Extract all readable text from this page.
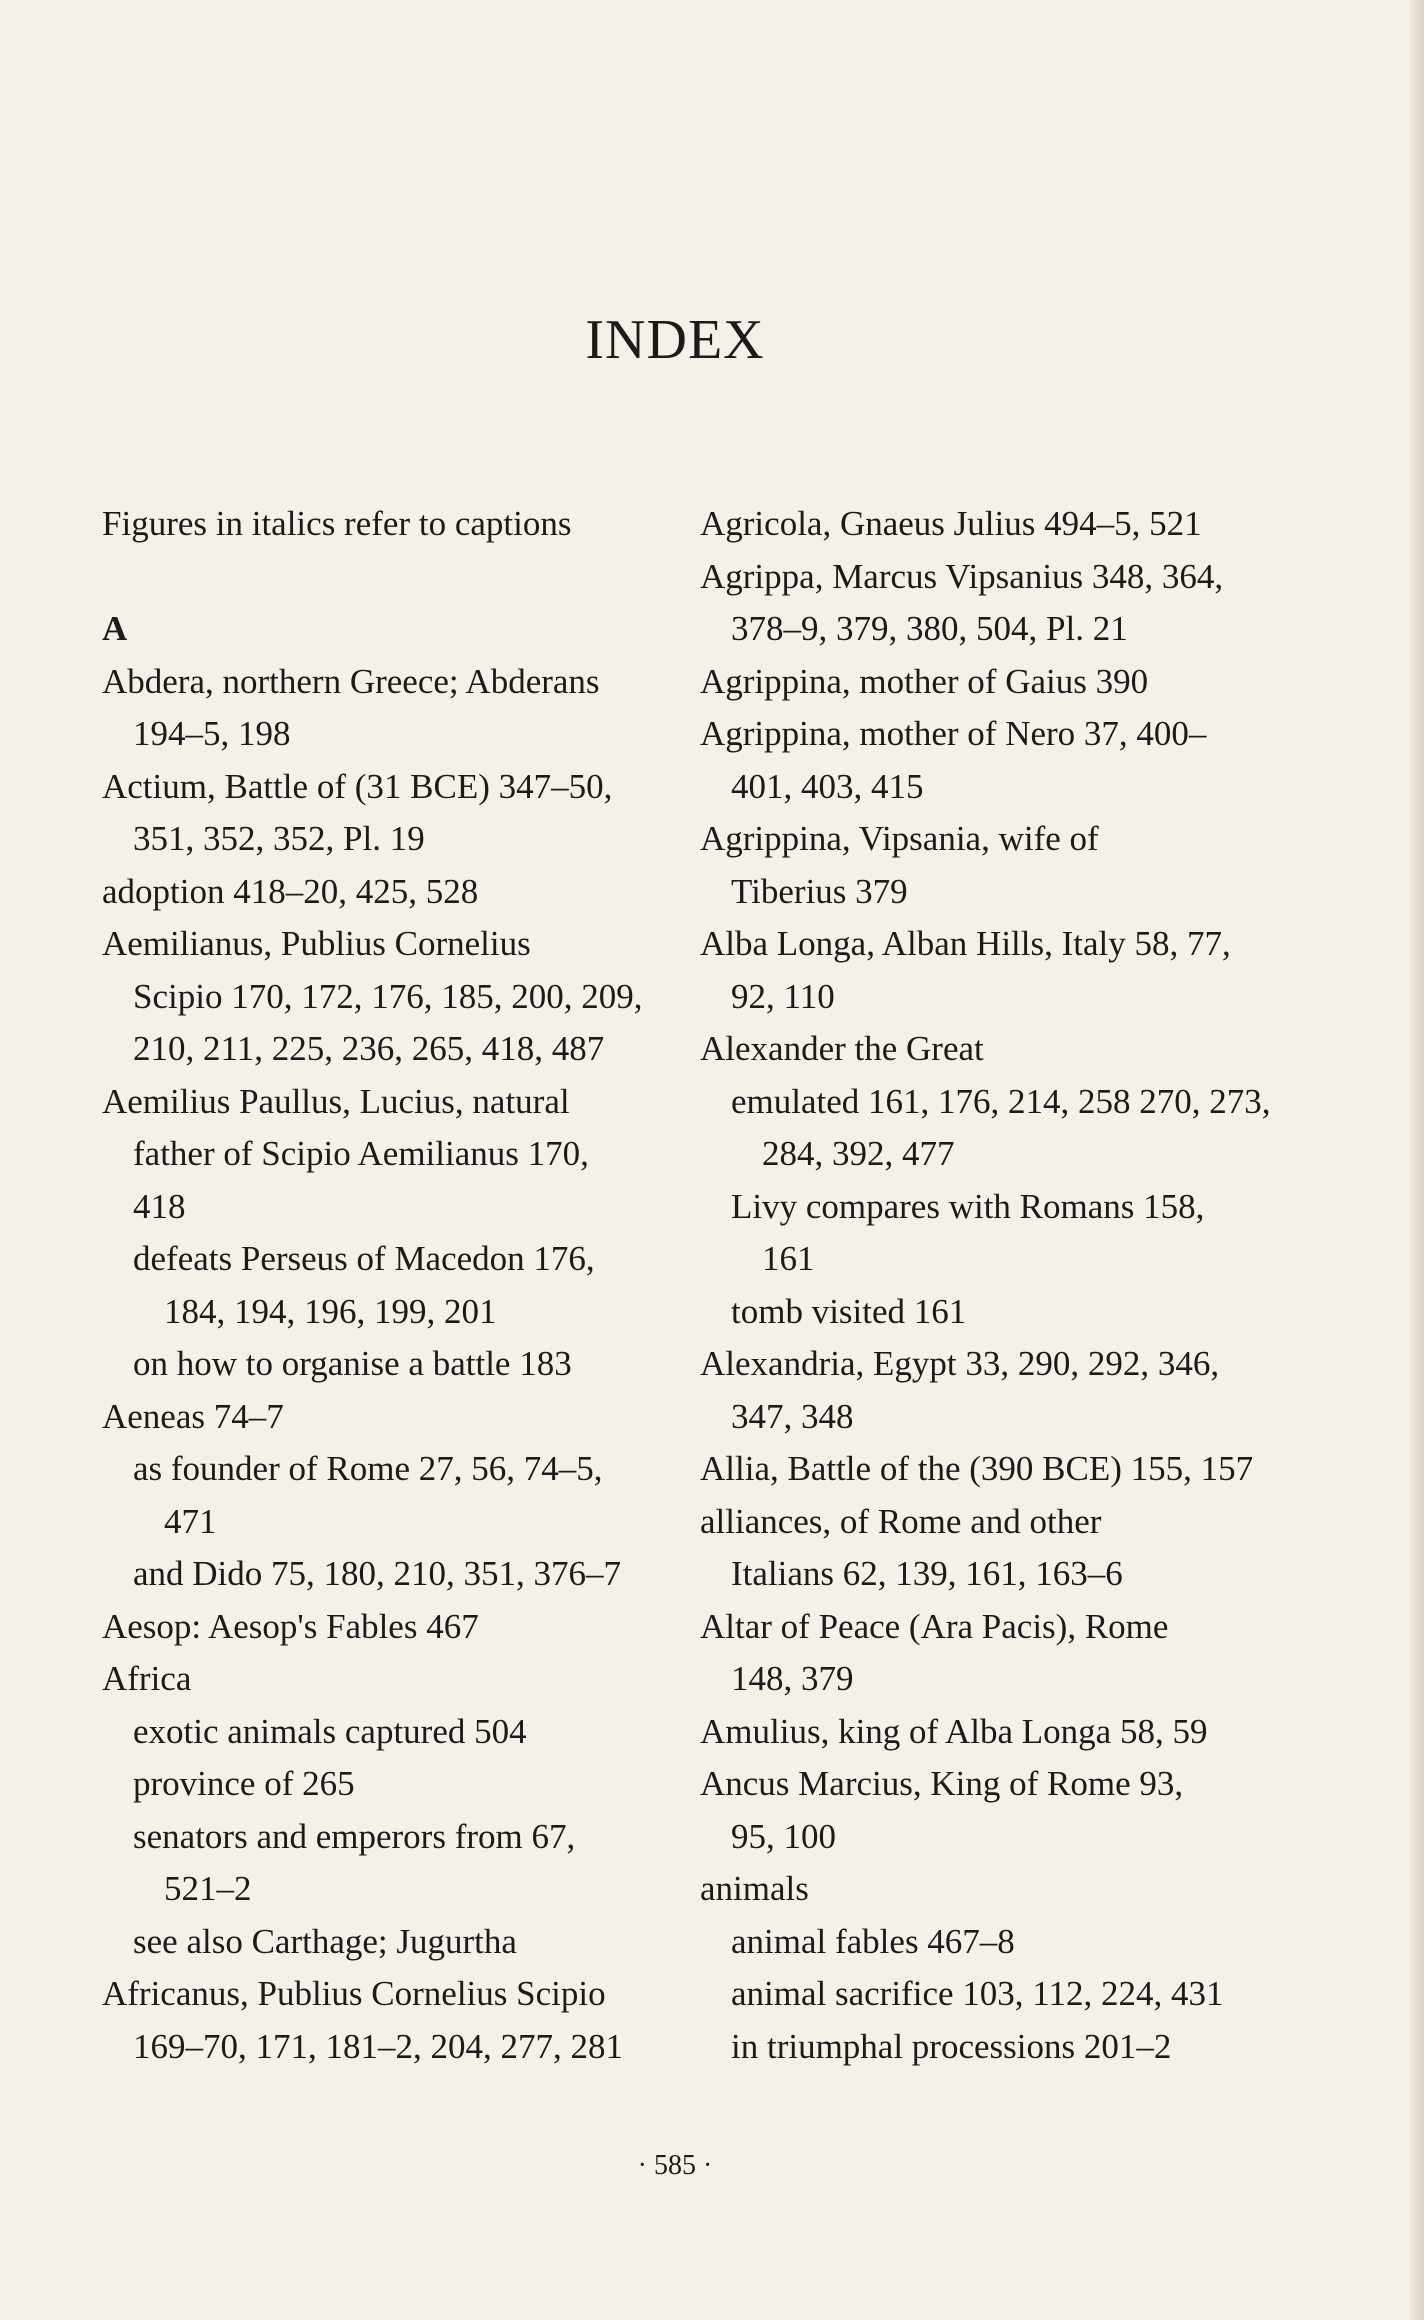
INDEX
Figures in italics refer to captions
A
Abdera, northern Greece; Abderans
194–5, 198
Actium, Battle of (31 BCE) 347–50,
351, 352, 352, Pl. 19
adoption 418–20, 425, 528
Aemilianus, Publius Cornelius
Scipio 170, 172, 176, 185, 200, 209,
210, 211, 225, 236, 265, 418, 487
Aemilius Paullus, Lucius, natural
father of Scipio Aemilianus 170,
418
defeats Perseus of Macedon 176,
184, 194, 196, 199, 201
on how to organise a battle 183
Aeneas 74–7
as founder of Rome 27, 56, 74–5,
471
and Dido 75, 180, 210, 351, 376–7
Aesop: Aesop's Fables 467
Africa
exotic animals captured 504
province of 265
senators and emperors from 67,
521–2
see also Carthage; Jugurtha
Africanus, Publius Cornelius Scipio
169–70, 171, 181–2, 204, 277, 281
Agricola, Gnaeus Julius 494–5, 521
Agrippa, Marcus Vipsanius 348, 364,
378–9, 379, 380, 504, Pl. 21
Agrippina, mother of Gaius 390
Agrippina, mother of Nero 37, 400–
401, 403, 415
Agrippina, Vipsania, wife of
Tiberius 379
Alba Longa, Alban Hills, Italy 58, 77,
92, 110
Alexander the Great
emulated 161, 176, 214, 258 270, 273,
284, 392, 477
Livy compares with Romans 158,
161
tomb visited 161
Alexandria, Egypt 33, 290, 292, 346,
347, 348
Allia, Battle of the (390 BCE) 155, 157
alliances, of Rome and other
Italians 62, 139, 161, 163–6
Altar of Peace (Ara Pacis), Rome
148, 379
Amulius, king of Alba Longa 58, 59
Ancus Marcius, King of Rome 93,
95, 100
animals
animal fables 467–8
animal sacrifice 103, 112, 224, 431
in triumphal processions 201–2
· 585 ·
